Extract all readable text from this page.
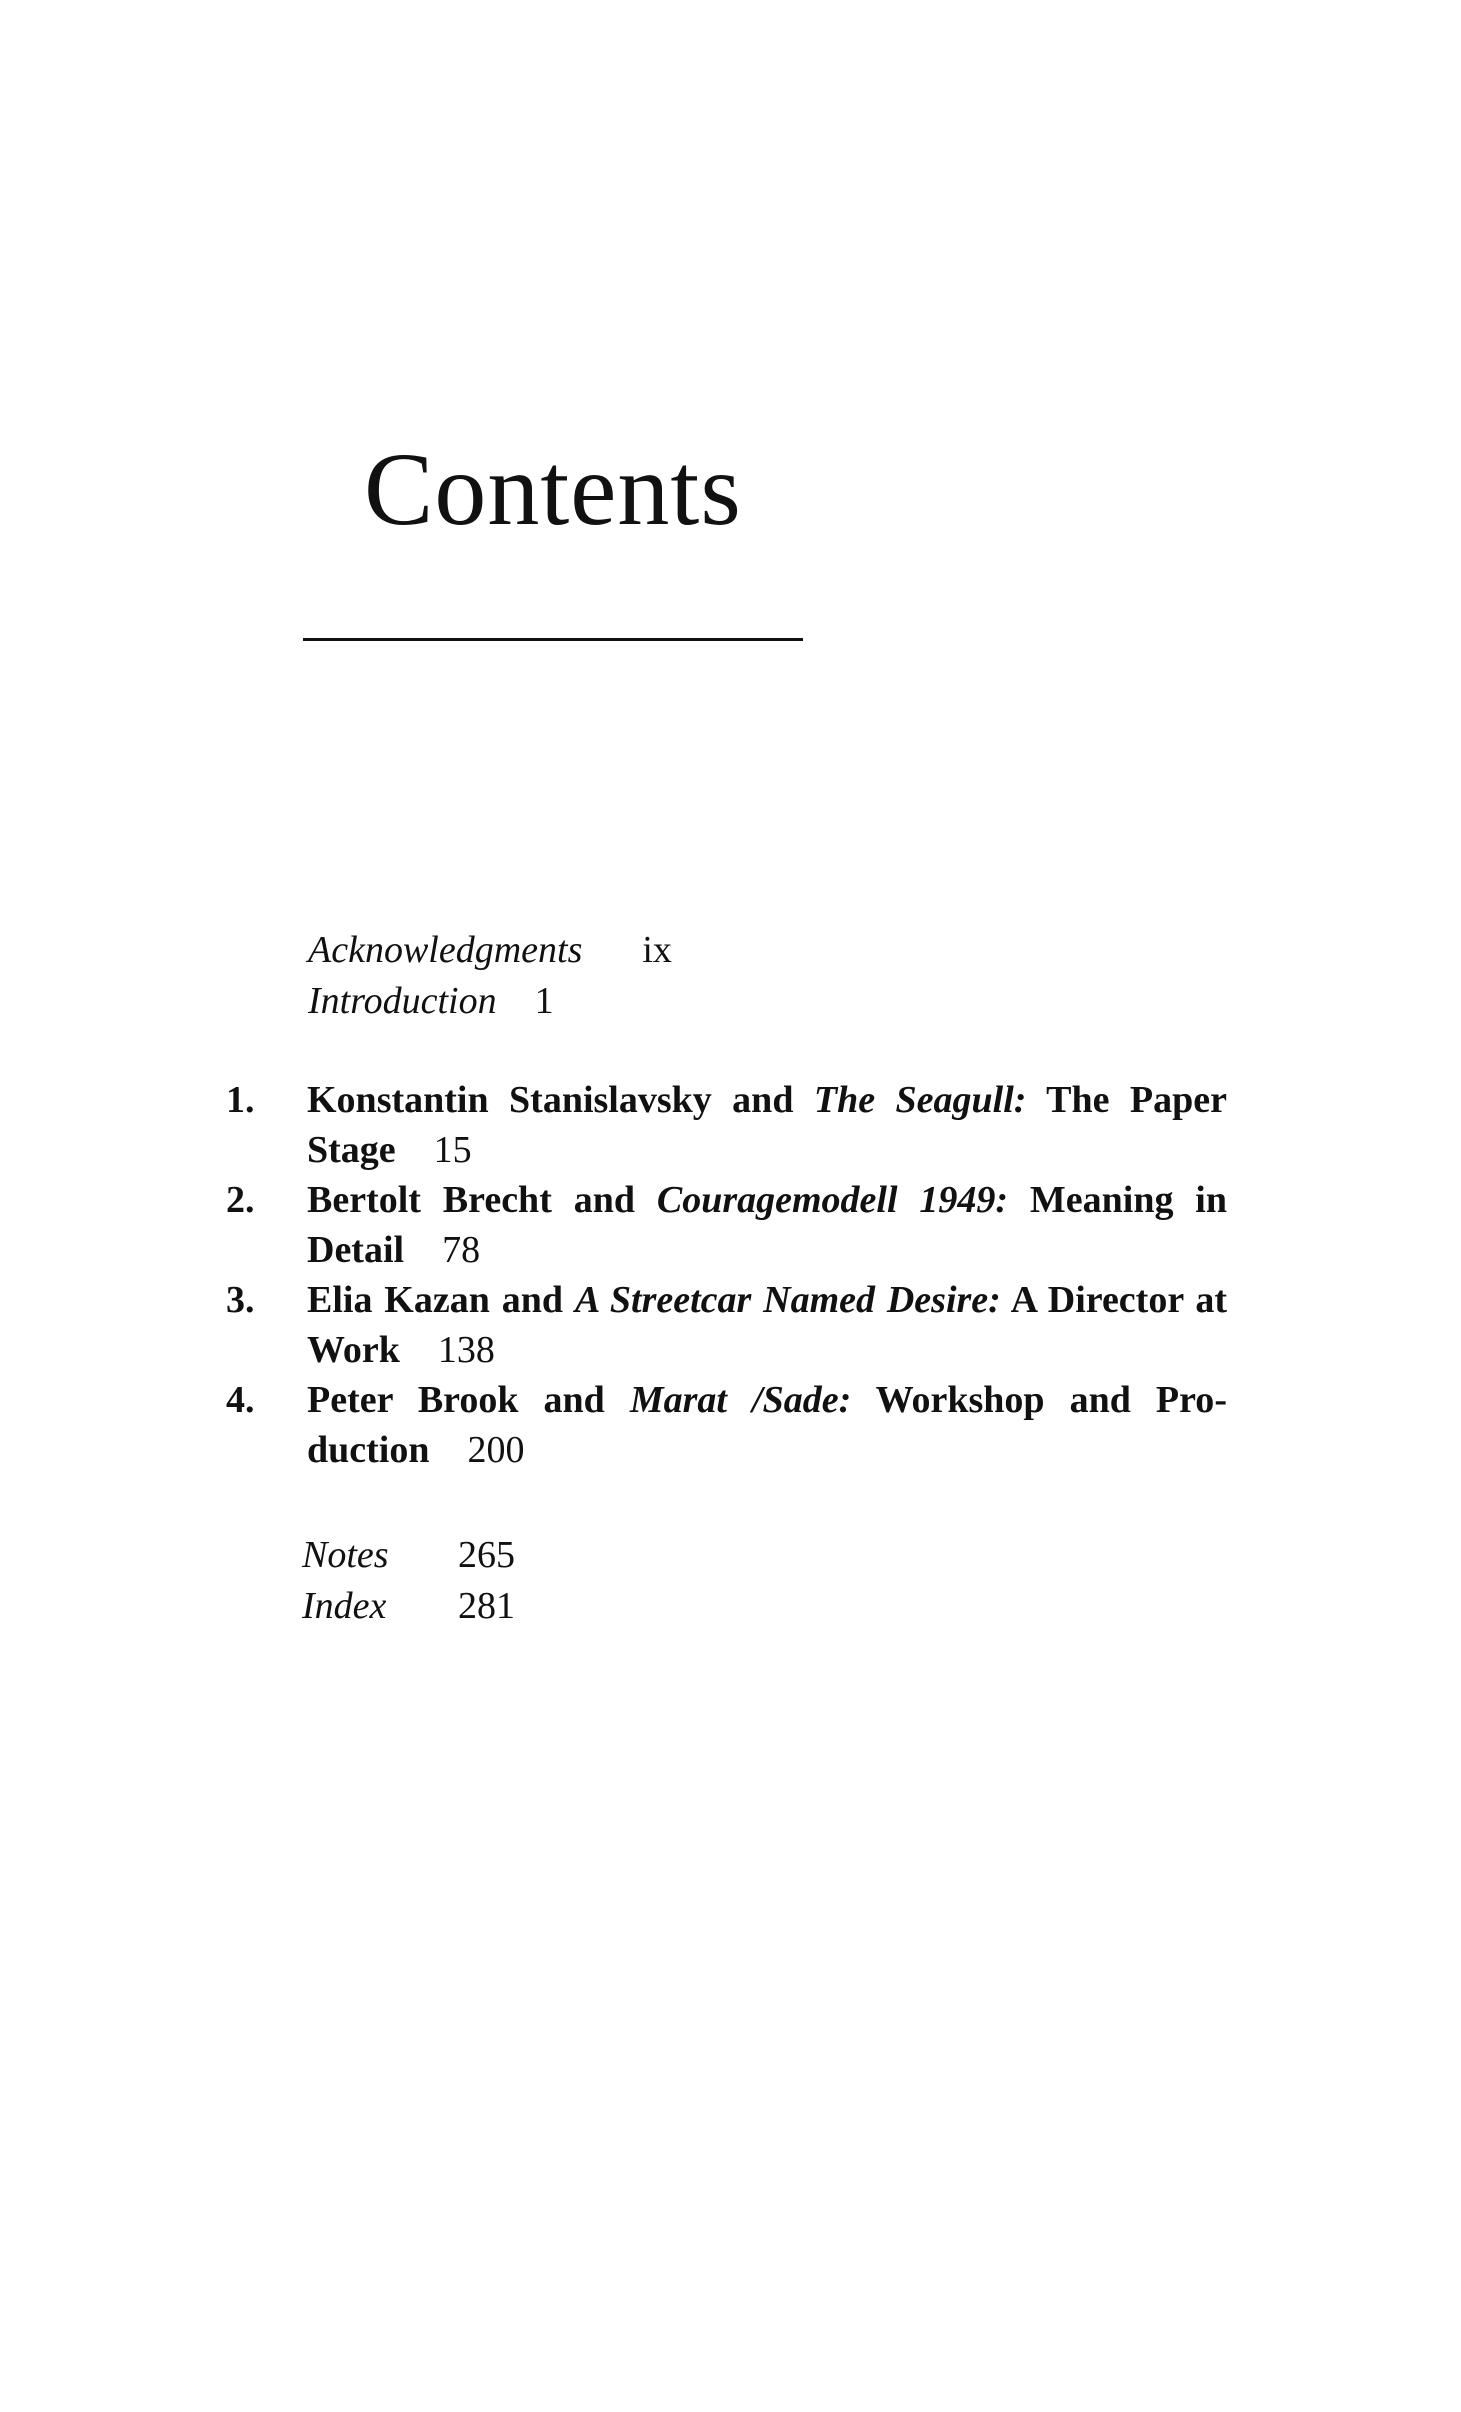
Contents
Acknowledgments ix
Introduction 1
1.	Konstantin Stanislavsky and The Seagull: The Paper Stage 15
2.	Bertolt Brecht and Couragemodell 1949: Meaning in Detail 78
3.	Elia Kazan and A Streetcar Named Desire: A Director at Work 138
4.	Peter Brook and Marat /Sade: Workshop and Production 200
Notes 265
Index 281
